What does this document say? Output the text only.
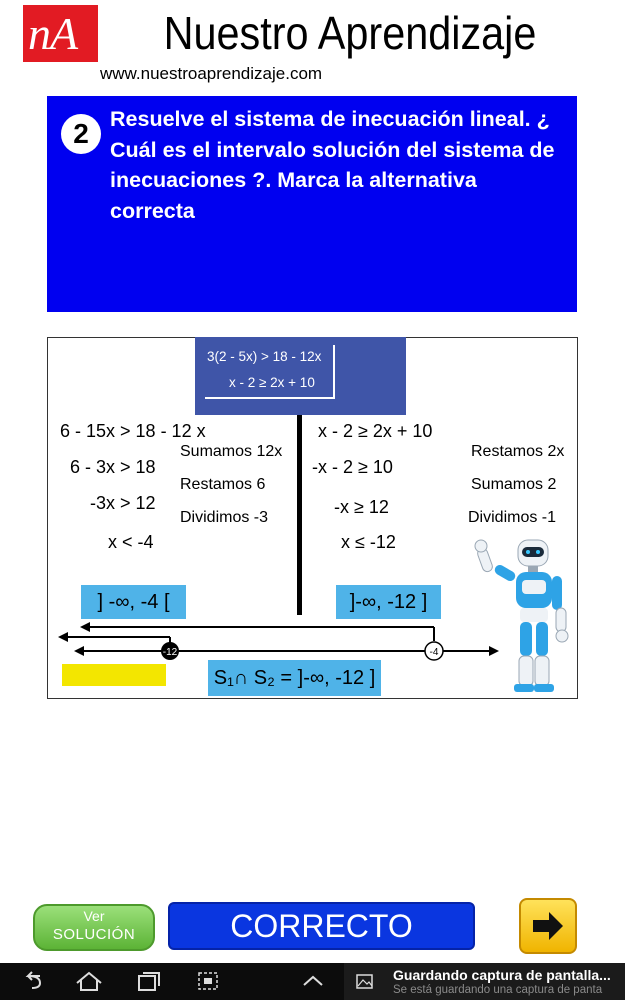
nA	Nuestro Aprendizaje
www.nuestroaprendizaje.com
2 Resuelve el sistema de inecuación lineal. ¿ Cuál es el intervalo solución del sistema de inecuaciones ?. Marca la alternativa correcta
3(2 - 5x) > 18 - 12x
x - 2 ≥ 2x + 10
6 - 15x > 18 - 12 x
6 - 3x > 18
-3x > 12
x < -4
Sumamos 12x
Restamos 6
Dividimos -3
x - 2 ≥ 2x + 10
-x - 2 ≥ 10
-x ≥ 12
x ≤ -12
Restamos 2x
Sumamos 2
Dividimos -1
] -∞, -4 [	]-∞, -12 ]
-12	-4
S₁∩ S₂ = ]-∞, -12 ]
Ver
SOLUCIÓN	CORRECTO
Guardando captura de pantalla...
Se está guardando una captura de panta
